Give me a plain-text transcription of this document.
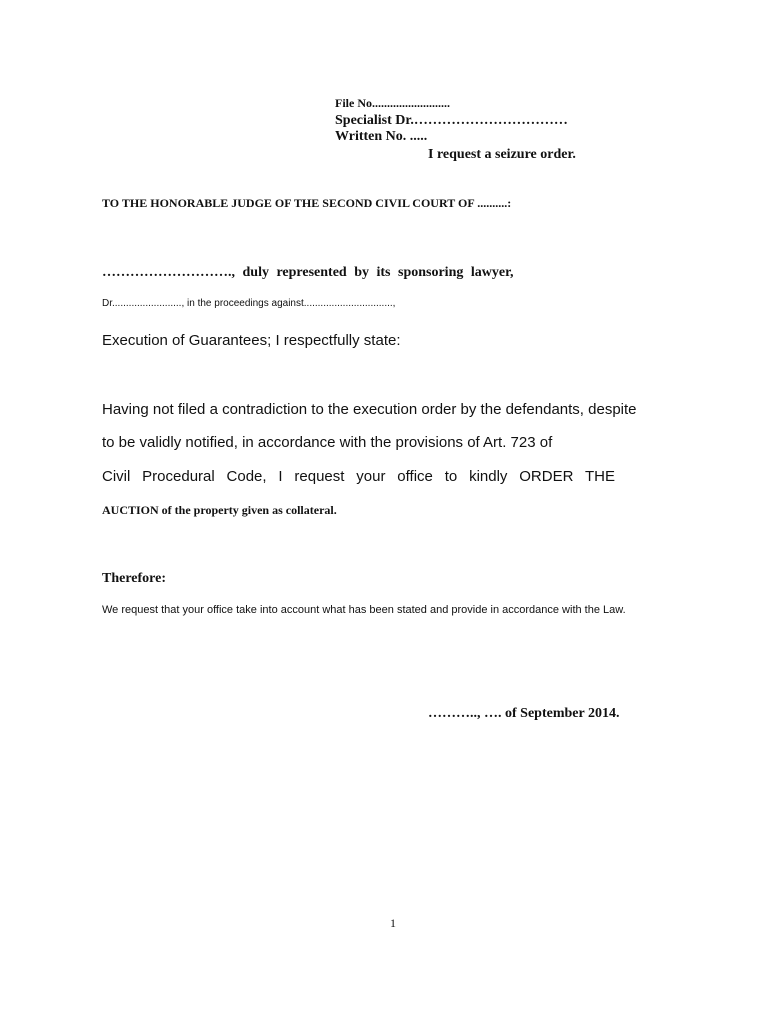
File No..........................
Specialist Dr.……………………………
Written No. .....
I request a seizure order.
TO THE HONORABLE JUDGE OF THE SECOND CIVIL COURT OF ..........:
………………………., duly represented by its sponsoring lawyer,
Dr........................., in the proceedings against................................,
Execution of Guarantees; I respectfully state:
Having not filed a contradiction to the execution order by the defendants, despite
to be validly notified, in accordance with the provisions of Art. 723 of
Civil Procedural Code, I request your office to kindly ORDER THE
AUCTION of the property given as collateral.
Therefore:
We request that your office take into account what has been stated and provide in accordance with the Law.
……….., …. of September 2014.
1
